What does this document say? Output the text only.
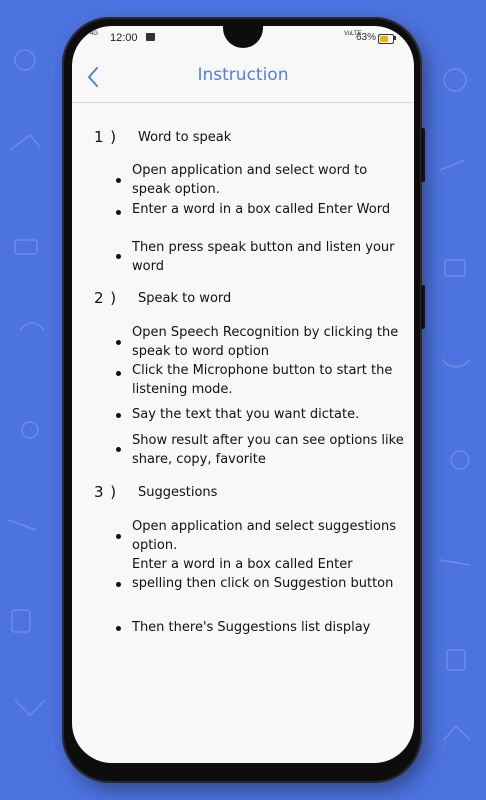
4G 12:00	VoLTE
63%
Instruction
1 )	Word to speak
Open application and select word to speak option.
Enter a word in a box called Enter Word
Then press speak button and listen your word
2 )	Speak to word
Open Speech Recognition by clicking the speak to word option
Click the Microphone button to start the listening mode.
Say the text that you want dictate.
Show result after you can see options like share, copy, favorite
3 )	Suggestions
Open application and select suggestions option.
Enter a word in a box called Enter spelling then click on Suggestion button
Then there's Suggestions list display
